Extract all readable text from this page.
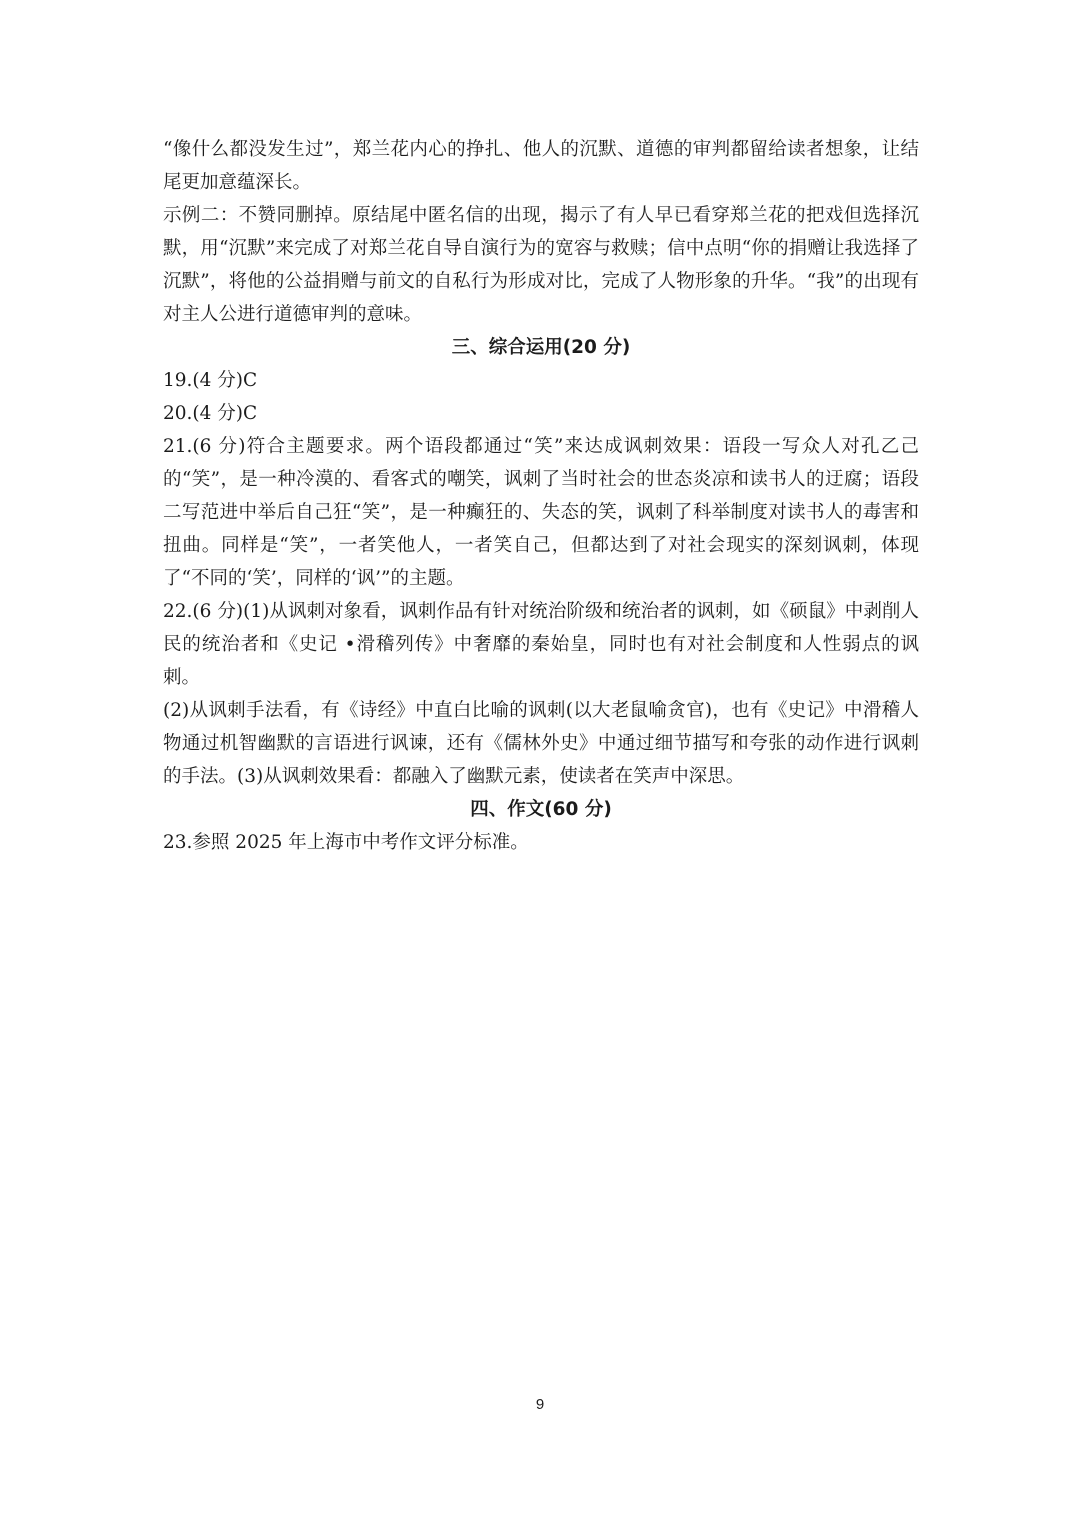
“像什么都没发生过”，郑兰花内心的挣扎、他人的沉默、道德的审判都留给读者想象，让结尾更加意蕴深长。

示例二：不赞同删掉。原结尾中匿名信的出现，揭示了有人早已看穿郑兰花的把戏但选择沉默，用“沉默”来完成了对郑兰花自导自演行为的宽容与救赎；信中点明“你的捐赠让我选择了沉默”，将他的公益捐赠与前文的自私行为形成对比，完成了人物形象的升华。“我”的出现有对主人公进行道德审判的意味。

三、综合运用(20 分)

19.(4 分)C

20.(4 分)C

21.(6 分)符合主题要求。两个语段都通过“笑”来达成讽刺效果：语段一写众人对孔乙己的“笑”，是一种冷漠的、看客式的嘲笑，讽刺了当时社会的世态炎凉和读书人的迂腐；语段二写范进中举后自己狂“笑”，是一种癫狂的、失态的笑，讽刺了科举制度对读书人的毒害和扭曲。同样是“笑”，一者笑他人，一者笑自己，但都达到了对社会现实的深刻讽刺，体现了“不同的‘笑’，同样的‘讽’”的主题。

22.(6 分)(1)从讽刺对象看，讽刺作品有针对统治阶级和统治者的讽刺，如《硕鼠》中剥削人民的统治者和《史记 •滑稽列传》中奢靡的秦始皇，同时也有对社会制度和人性弱点的讽刺。

(2)从讽刺手法看，有《诗经》中直白比喻的讽刺(以大老鼠喻贪官)，也有《史记》中滑稽人物通过机智幽默的言语进行讽谏，还有《儒林外史》中通过细节描写和夸张的动作进行讽刺的手法。(3)从讽刺效果看：都融入了幽默元素，使读者在笑声中深思。

四、作文(60 分)

23.参照 2025 年上海市中考作文评分标准。

9
